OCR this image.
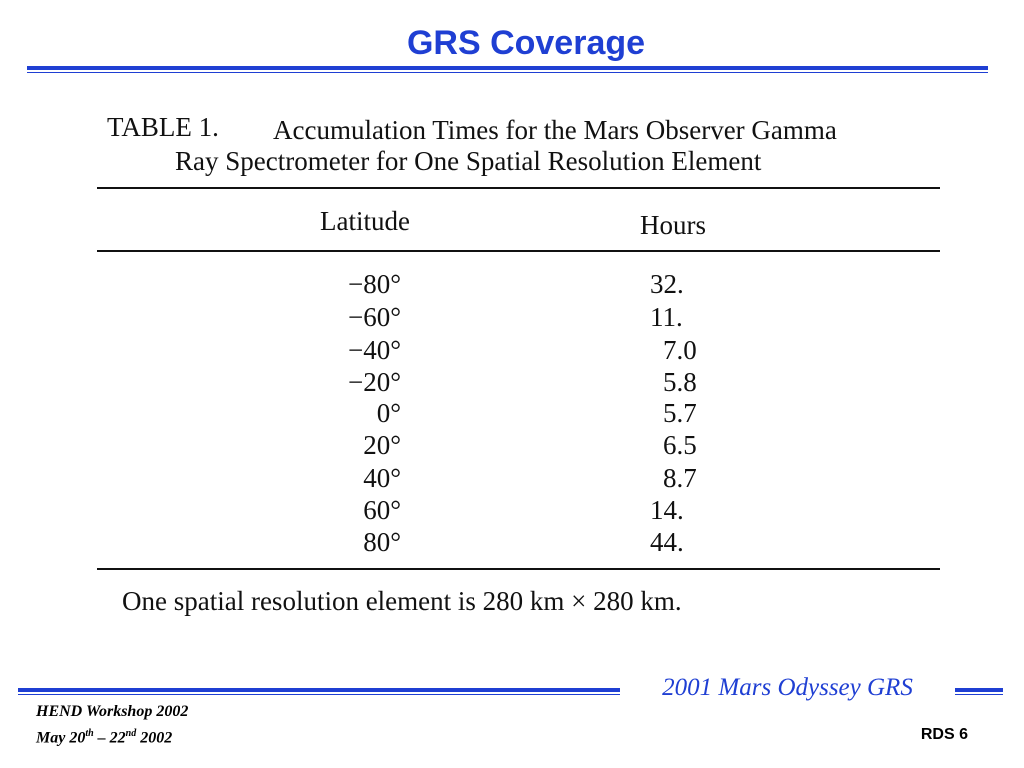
GRS Coverage
TABLE 1. Accumulation Times for the Mars Observer Gamma
Ray Spectrometer for One Spatial Resolution Element
Latitude	Hours
−80°	32.
−60°	11.
−40°	7.0
−20°	5.8
0°	5.7
20°	6.5
40°	8.7
60°	14.
80°	44.
One spatial resolution element is 280 km × 280 km.
2001 Mars Odyssey GRS
HEND Workshop 2002
May 20th – 22nd 2002	RDS 6
